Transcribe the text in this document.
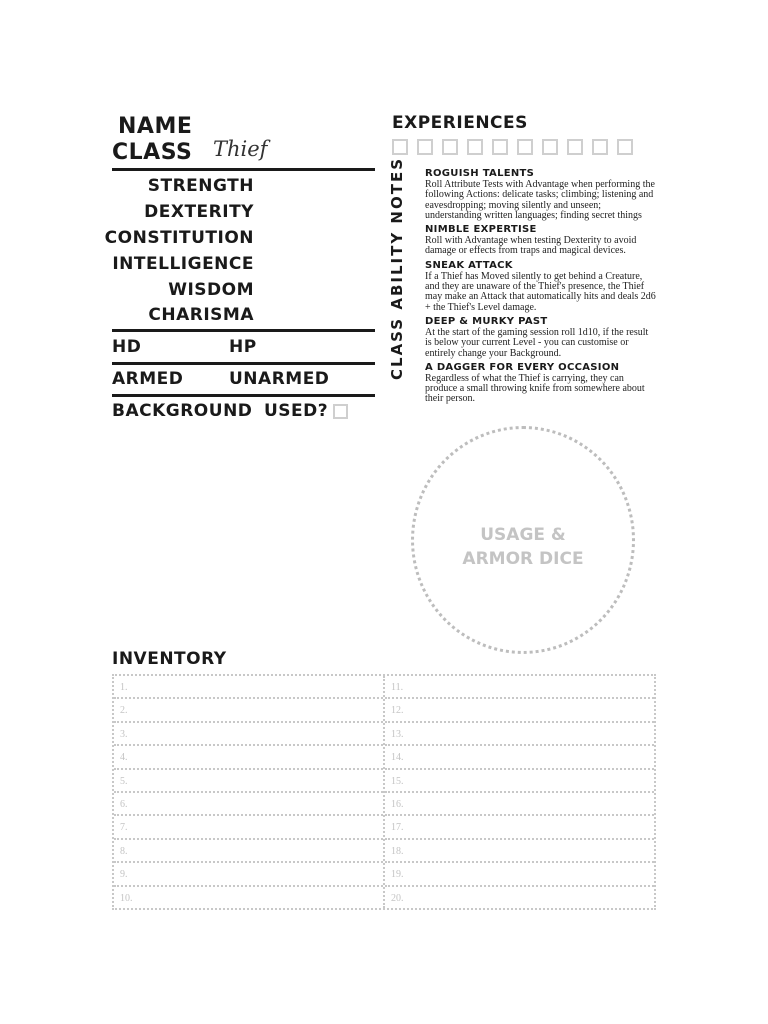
NAME
CLASS Thief
STRENGTH
DEXTERITY
CONSTITUTION
INTELLIGENCE
WISDOM
CHARISMA
HD	HP
ARMED	UNARMED
BACKGROUND USED?
EXPERIENCES
CLASS ABILITY NOTES ROGUISH TALENTS
Roll Attribute Tests with Advantage when performing the following Actions: delicate tasks; climbing; listening and eavesdropping; moving silently and unseen; understanding written languages; finding secret things
NIMBLE EXPERTISE
Roll with Advantage when testing Dexterity to avoid damage or effects from traps and magical devices.
SNEAK ATTACK
If a Thief has Moved silently to get behind a Creature, and they are unaware of the Thief's presence, the Thief may make an Attack that automatically hits and deals 2d6 + the Thief's Level damage.
DEEP & MURKY PAST
At the start of the gaming session roll 1d10, if the result is below your current Level - you can customise or entirely change your Background.
A DAGGER FOR EVERY OCCASION
Regardless of what the Thief is carrying, they can produce a small throwing knife from somewhere about their person.
USAGE &
ARMOR DICE
INVENTORY
1.
2.
3.
4.
5.
6.
7.
8.
9.
10.
11.
12.
13.
14.
15.
16.
17.
18.
19.
20.
